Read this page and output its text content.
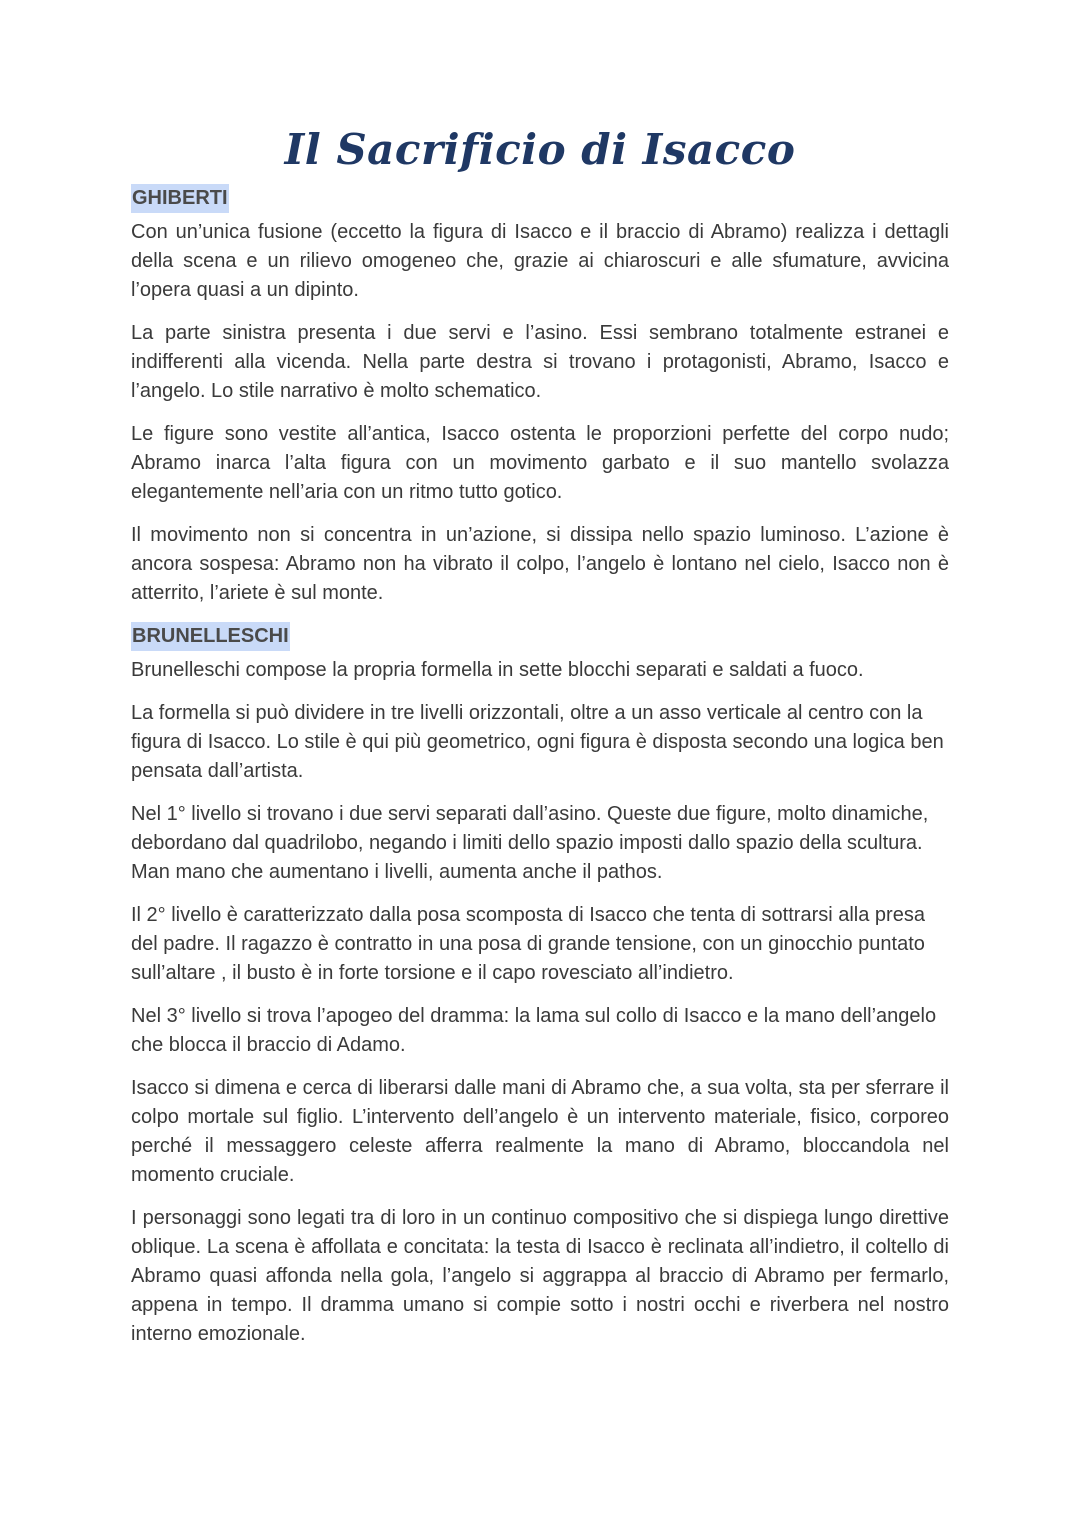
Il Sacrificio di Isacco
GHIBERTI

Con un’unica fusione (eccetto la figura di Isacco e il braccio di Abramo) realizza i dettagli della scena e un rilievo omogeneo che, grazie ai chiaroscuri e alle sfumature, avvicina l’opera quasi a un dipinto.

La parte sinistra presenta i due servi e l’asino. Essi sembrano totalmente estranei e indifferenti alla vicenda. Nella parte destra si trovano i protagonisti, Abramo, Isacco e l’angelo. Lo stile narrativo è molto schematico.

Le figure sono vestite all’antica, Isacco ostenta le proporzioni perfette del corpo nudo; Abramo inarca l’alta figura con un movimento garbato e il suo mantello svolazza elegantemente nell’aria con un ritmo tutto gotico.

Il movimento non si concentra in un’azione, si dissipa nello spazio luminoso. L’azione è ancora sospesa: Abramo non ha vibrato il colpo, l’angelo è lontano nel cielo, Isacco non è atterrito, l’ariete è sul monte.

BRUNELLESCHI

Brunelleschi compose la propria formella in sette blocchi separati e saldati a fuoco.

La formella si può dividere in tre livelli orizzontali, oltre a un asso verticale al centro con la figura di Isacco. Lo stile è qui più geometrico, ogni figura è disposta secondo una logica ben pensata dall’artista.

Nel 1° livello si trovano i due servi separati dall’asino. Queste due figure, molto dinamiche, debordano dal quadrilobo, negando i limiti dello spazio imposti dallo spazio della scultura. Man mano che aumentano i livelli, aumenta anche il pathos.

Il 2° livello è caratterizzato dalla posa scomposta di Isacco che tenta di sottrarsi alla presa del padre. Il ragazzo è contratto in una posa di grande tensione, con un ginocchio puntato sull’altare , il busto è in forte torsione e il capo rovesciato all’indietro.

Nel 3° livello si trova l’apogeo del dramma: la lama sul collo di Isacco e la mano dell’angelo che blocca il braccio di Adamo.

Isacco si dimena e cerca di liberarsi dalle mani di Abramo che, a sua volta, sta per sferrare il colpo mortale sul figlio. L’intervento dell’angelo è un intervento materiale, fisico, corporeo perché il messaggero celeste afferra realmente la mano di Abramo, bloccandola nel momento cruciale.

I personaggi sono legati tra di loro in un continuo compositivo che si dispiega lungo direttive oblique. La scena è affollata e concitata: la testa di Isacco è reclinata all’indietro, il coltello di Abramo quasi affonda nella gola, l’angelo si aggrappa al braccio di Abramo per fermarlo, appena in tempo. Il dramma umano si compie sotto i nostri occhi e riverbera nel nostro interno emozionale.
